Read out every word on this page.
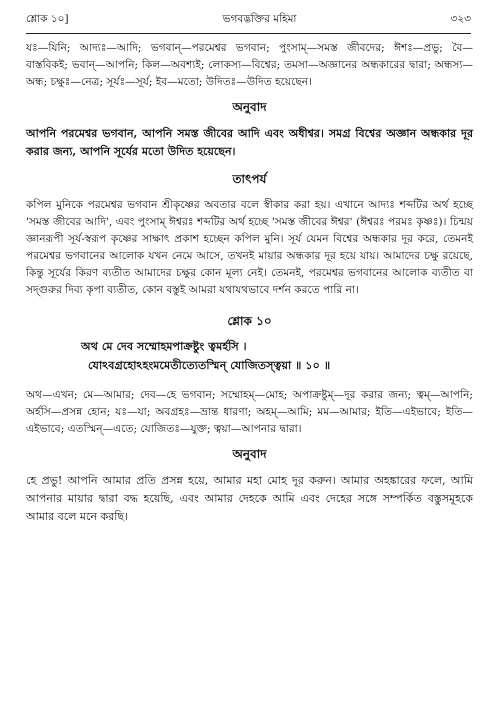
শ্লোক ১০]	ভগবদ্ভক্তির মহিমা	৩২৩

যঃ—যিনি; আদ্যঃ—আদি; ভগবান্—পরমেশ্বর ভগবান; পুংসাম্—সমস্ত জীবদের; ঈশঃ—প্রভু; বৈ—বাস্তবিকই; ভবান্—আপনি; কিল—অবশ্যই; লোকস্য—বিশ্বের; তমসা—অজ্ঞানের অন্ধকারের দ্বারা; অন্ধস্য—অন্ধ; চক্ষুঃ—নেত্র; সূর্যঃ—সূর্য; ইব—মতো; উদিতঃ—উদিত হয়েছেন।

অনুবাদ

আপনি পরমেশ্বর ভগবান, আপনি সমস্ত জীবের আদি এবং অধীশ্বর। সমগ্র বিশ্বের অজ্ঞান অন্ধকার দূর করার জন্য, আপনি সূর্যের মতো উদিত হয়েছেন।

তাৎপর্য

কপিল মুনিকে পরমেশ্বর ভগবান শ্রীকৃষ্ণের অবতার বলে স্বীকার করা হয়। এখানে আদ্যঃ শব্দটির অর্থ হচ্ছে 'সমস্ত জীবের আদি', এবং পুংসাম্ ঈশ্বরঃ শব্দটির অর্থ হচ্ছে 'সমস্ত জীবের ঈশ্বর' (ঈশ্বরঃ পরমঃ কৃষ্ণঃ)। চিন্ময় জ্ঞানরূপী সূর্য-স্বরূপ কৃষ্ণের সাক্ষাৎ প্রকাশ হচ্ছেন কপিল মুনি। সূর্য যেমন বিশ্বের অন্ধকার দূর করে, তেমনই পরমেশ্বর ভগবানের আলোক যখন নেমে আসে, তখনই মায়ার অন্ধকার দূর হয়ে যায়। আমাদের চক্ষু রয়েছে, কিন্তু সূর্যের কিরণ ব্যতীত আমাদের চক্ষুর কোন মূল্য নেই। তেমনই, পরমেশ্বর ভগবানের আলোক ব্যতীত বা সদ্গুরুর দিব্য কৃপা ব্যতীত, কোন বস্তুই আমরা যথাযথভাবে দর্শন করতে পারি না।

শ্লোক ১০
অথ মে দেব সম্মোহমপাক্রষ্টুং ত্বমর্হসি ।
যোঽবগ্রহোঽহংমমেতীত্যেতস্মিন্ যোজিতস্ত্বয়া ॥ ১০ ॥

অথ—এখন; মে—আমার; দেব—হে ভগবান; সম্মোহম্—মোহ; অপাক্রষ্টুম্—দূর করার জন্য; ত্বম্—আপনি; অর্হসি—প্রসন্ন হোন; যঃ—যা; অবগ্রহঃ—ভ্রান্ত ধারণা; অহম্—আমি; মম—আমার; ইতি—এইভাবে; ইতি—এইভাবে; এতস্মিন্—এতে; যোজিতঃ—যুক্ত; ত্বয়া—আপনার দ্বারা।

অনুবাদ

হে প্রভু! আপনি আমার প্রতি প্রসন্ন হয়ে, আমার মহা মোহ দূর করুন। আমার অহঙ্কারের ফলে, আমি আপনার মায়ার দ্বারা বদ্ধ হয়েছি, এবং আমার দেহকে আমি এবং দেহের সঙ্গে সম্পর্কিত বস্তুসমূহকে আমার বলে মনে করছি।
